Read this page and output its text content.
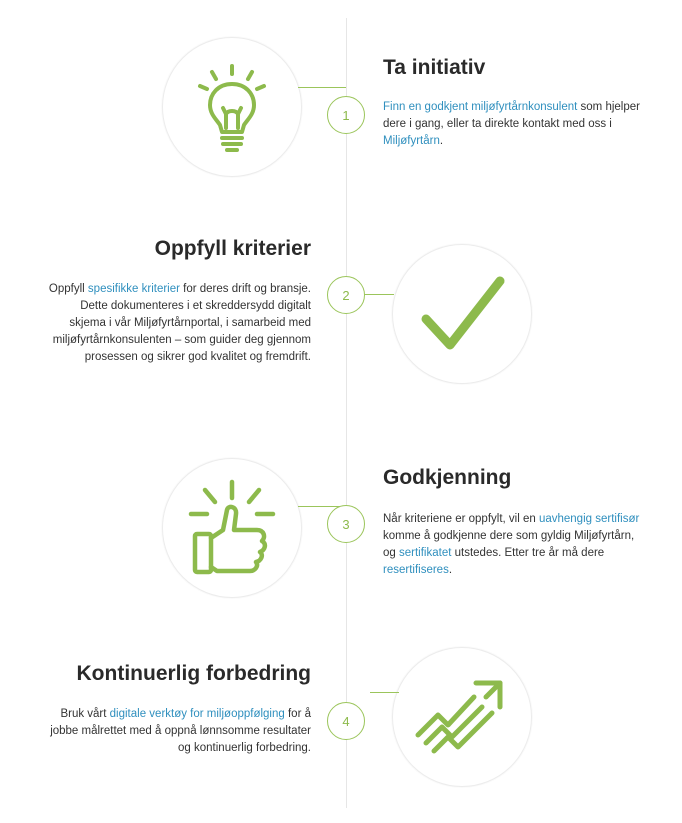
1
Ta initiativ

Finn en godkjent miljøfyrtårnkonsulent som hjelper dere i gang, eller ta direkte kontakt med oss i Miljøfyrtårn.

2
Oppfyll kriterier

Oppfyll spesifikke kriterier for deres drift og bransje. Dette dokumenteres i et skreddersydd digitalt skjema i vår Miljøfyrtårnportal, i samarbeid med miljøfyrtårnkonsulenten – som guider deg gjennom prosessen og sikrer god kvalitet og fremdrift.

3
Godkjenning

Når kriteriene er oppfylt, vil en uavhengig sertifisør komme å godkjenne dere som gyldig Miljøfyrtårn, og sertifikatet utstedes. Etter tre år må dere resertifiseres.

4
Kontinuerlig forbedring

Bruk vårt digitale verktøy for miljøoppfølging for å jobbe målrettet med å oppnå lønnsomme resultater og kontinuerlig forbedring.
